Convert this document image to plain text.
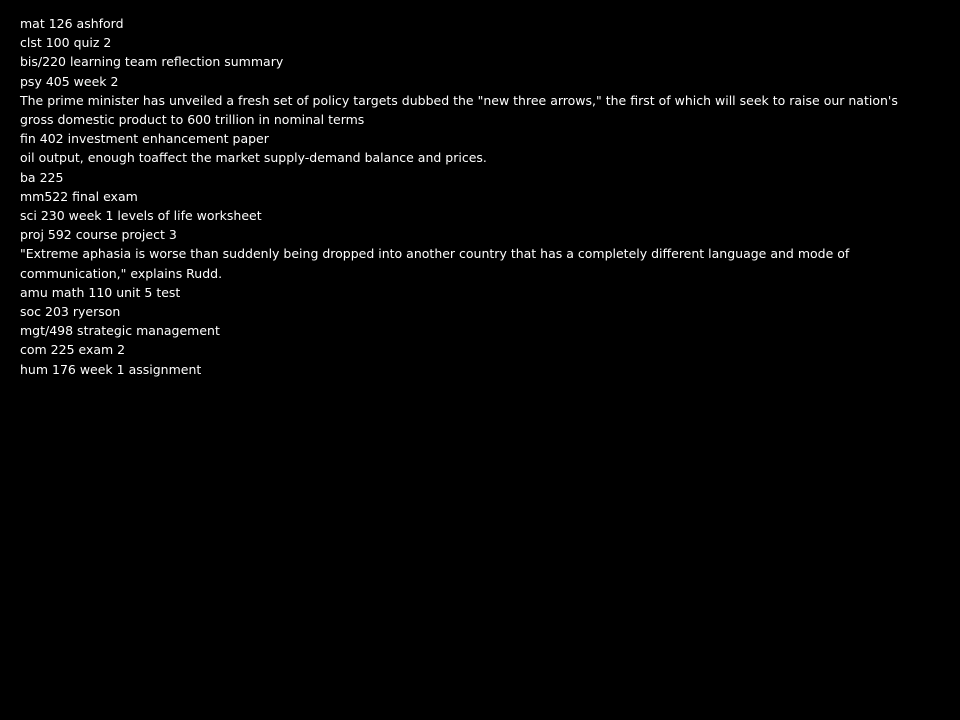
mat 126 ashford
clst 100 quiz 2
bis/220 learning team reflection summary
psy 405 week 2
The prime minister has unveiled a fresh set of policy targets dubbed the "new three arrows," the first of which will seek to raise our nation's gross domestic product to 600 trillion in nominal terms
fin 402 investment enhancement paper
oil output, enough toaffect the market supply-demand balance and prices.
ba 225
mm522 final exam
sci 230 week 1 levels of life worksheet
proj 592 course project 3
"Extreme aphasia is worse than suddenly being dropped into another country that has a completely different language and mode of communication," explains Rudd.
amu math 110 unit 5 test
soc 203 ryerson
mgt/498 strategic management
com 225 exam 2
hum 176 week 1 assignment
